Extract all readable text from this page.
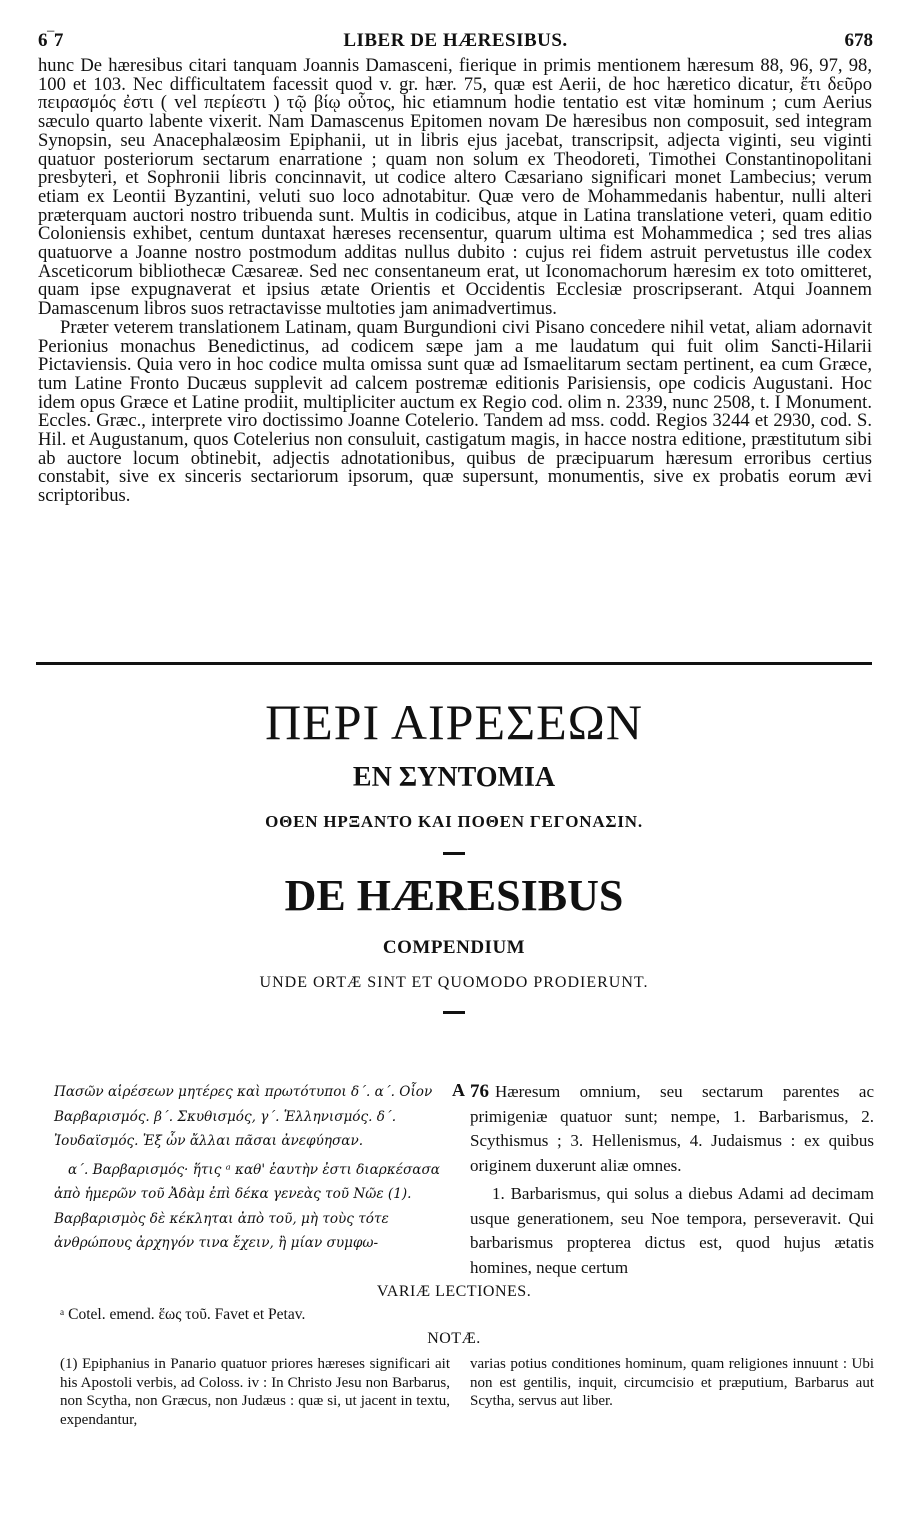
6‾7	LIBER DE HÆRESIBUS.	678

hunc De hæresibus citari tanquam Joannis Damasceni, fierique in primis mentionem hæresum 88, 96, 97, 98, 100 et 103. Nec difficultatem facessit quod v. gr. hær. 75, quæ est Aerii, de hoc hæretico dicatur, ἔτι δεῦρο πειρασμός ἐστι ( vel περίεστι ) τῷ βίῳ οὗτος, hic etiamnum hodie tentatio est vitæ hominum ; cum Aerius sæculo quarto labente vixerit. Nam Damascenus Epitomen novam De hæresibus non composuit, sed integram Synopsin, seu Anacephalæosim Epiphanii, ut in libris ejus jacebat, transcripsit, adjecta viginti, seu viginti quatuor posteriorum sectarum enarratione ; quam non solum ex Theodoreti, Timothei Constantinopolitani presbyteri, et Sophronii libris concinnavit, ut codice altero Cæsariano significari monet Lambecius; verum etiam ex Leontii Byzantini, veluti suo loco adnotabitur. Quæ vero de Mohammedanis habentur, nulli alteri præterquam auctori nostro tribuenda sunt. Multis in codicibus, atque in Latina translatione veteri, quam editio Coloniensis exhibet, centum duntaxat hæreses recensentur, quarum ultima est Mohammedica ; sed tres alias quatuorve a Joanne nostro postmodum additas nullus dubito : cujus rei fidem astruit pervetustus ille codex Asceticorum bibliothecæ Cæsareæ. Sed nec consentaneum erat, ut Iconomachorum hæresim ex toto omitteret, quam ipse expugnaverat et ipsius ætate Orientis et Occidentis Ecclesiæ proscripserant. Atqui Joannem Damascenum libros suos retractavisse multoties jam animadvertimus.

Præter veterem translationem Latinam, quam Burgundioni civi Pisano concedere nihil vetat, aliam adornavit Perionius monachus Benedictinus, ad codicem sæpe jam a me laudatum qui fuit olim Sancti-Hilarii Pictaviensis. Quia vero in hoc codice multa omissa sunt quæ ad Ismaelitarum sectam pertinent, ea cum Græce, tum Latine Fronto Ducæus supplevit ad calcem postremæ editionis Parisiensis, ope codicis Augustani. Hoc idem opus Græce et Latine prodiit, multipliciter auctum ex Regio cod. olim n. 2339, nunc 2508, t. I Monument. Eccles. Græc., interprete viro doctissimo Joanne Cotelerio. Tandem ad mss. codd. Regios 3244 et 2930, cod. S. Hil. et Augustanum, quos Cotelerius non consuluit, castigatum magis, in hacce nostra editione, præstitutum sibi ab auctore locum obtinebit, adjectis adnotationibus, quibus de præcipuarum hæresum erroribus certius constabit, sive ex sinceris sectariorum ipsorum, quæ supersunt, monumentis, sive ex probatis eorum ævi scriptoribus.

ΠΕΡΙ ΑΙΡΕΣΕΩΝ
ΕΝ ΣΥΝΤΟΜΙΑ
ΟΘΕΝ ΗΡΞΑΝΤΟ ΚΑΙ ΠΟΘΕΝ ΓΕΓΟΝΑΣΙΝ.
DE HÆRESIBUS
COMPENDIUM
UNDE ORTÆ SINT ET QUOMODO PRODIERUNT.

Πασῶν αἱρέσεων μητέρες καὶ πρωτότυποι δ΄. α΄. Οἷον Βαρβαρισμός. β΄. Σκυθισμός, γ΄. Ἑλληνισμός. δ΄. Ἰουδαϊσμός. Ἐξ ὧν ἄλλαι πᾶσαι ἀνεφύησαν.

α΄. Βαρβαρισμός· ἥτις ᵃ καθ' ἑαυτὴν ἐστι διαρκέσασα ἀπὸ ἡμερῶν τοῦ Ἀδὰμ ἐπὶ δέκα γενεὰς τοῦ Νῶε (1). Βαρβαρισμὸς δὲ κέκληται ἀπὸ τοῦ, μὴ τοὺς τότε ἀνθρώπους ἀρχηγόν τινα ἔχειν, ἢ μίαν συμφω-

A 76 Hæresum omnium, seu sectarum parentes ac primigeniæ quatuor sunt; nempe, 1. Barbarismus, 2. Scythismus ; 3. Hellenismus, 4. Judaismus : ex quibus originem duxerunt aliæ omnes.

1. Barbarismus, qui solus a diebus Adami ad decimam usque generationem, seu Noe tempora, perseveravit. Qui barbarismus propterea dictus est, quod hujus ætatis homines, neque certum

VARIÆ LECTIONES.
ᵃ Cotel. emend. ἕως τοῦ. Favet et Petav.
NOTÆ.
(1) Epiphanius in Panario quatuor priores hæreses significari ait his Apostoli verbis, ad Coloss. iv : In Christo Jesu non Barbarus, non Scytha, non Græcus, non Judæus : quæ si, ut jacent in textu, expendantur,
varias potius conditiones hominum, quam religiones innuunt : Ubi non est gentilis, inquit, circumcisio et præputium, Barbarus aut Scytha, servus aut liber.
